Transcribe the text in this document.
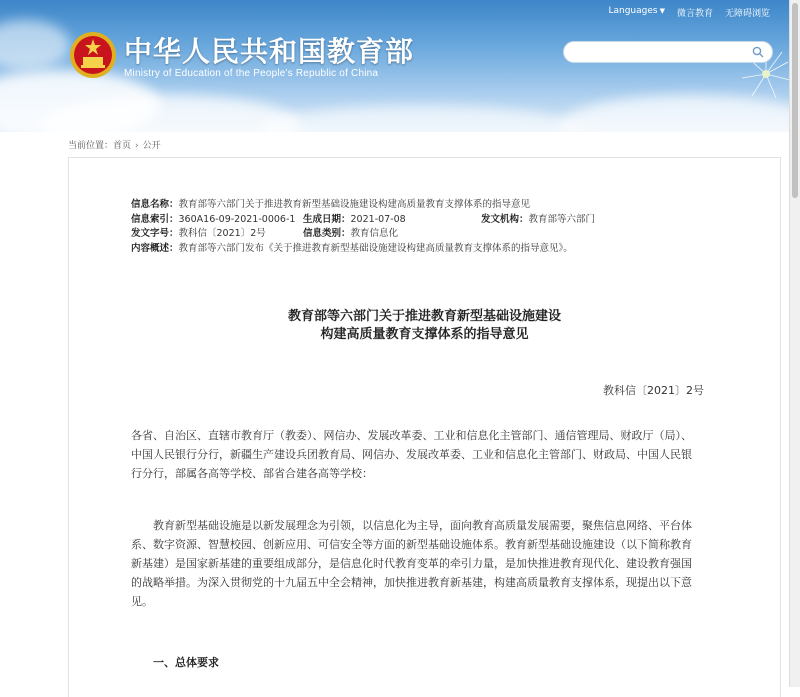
中华人民共和国教育部
Ministry of Education of the People's Republic of China
Languages ▼ 微言教育 无障碍浏览
当前位置：首页 › 公开
信息名称：教育部等六部门关于推进教育新型基础设施建设构建高质量教育支撑体系的指导意见
信息索引：360A16-09-2021-0006-1 生成日期：2021-07-08	发文机构：教育部等六部门
发文字号：教科信〔2021〕2号	信息类别：教育信息化
内容概述：教育部等六部门发布《关于推进教育新型基础设施建设构建高质量教育支撑体系的指导意见》。
教育部等六部门关于推进教育新型基础设施建设
构建高质量教育支撑体系的指导意见
教科信〔2021〕2号
各省、自治区、直辖市教育厅（教委）、网信办、发展改革委、工业和信息化主管部门、通信管理局、财政厅（局）、中国人民银行分行，新疆生产建设兵团教育局、网信办、发展改革委、工业和信息化主管部门、财政局、中国人民银行分行，部属各高等学校、部省合建各高等学校：
教育新型基础设施是以新发展理念为引领，以信息化为主导，面向教育高质量发展需要，聚焦信息网络、平台体系、数字资源、智慧校园、创新应用、可信安全等方面的新型基础设施体系。教育新型基础设施建设（以下简称教育新基建）是国家新基建的重要组成部分，是信息化时代教育变革的牵引力量，是加快推进教育现代化、建设教育强国的战略举措。为深入贯彻党的十九届五中全会精神，加快推进教育新基建，构建高质量教育支撑体系，现提出以下意见。
一、总体要求
